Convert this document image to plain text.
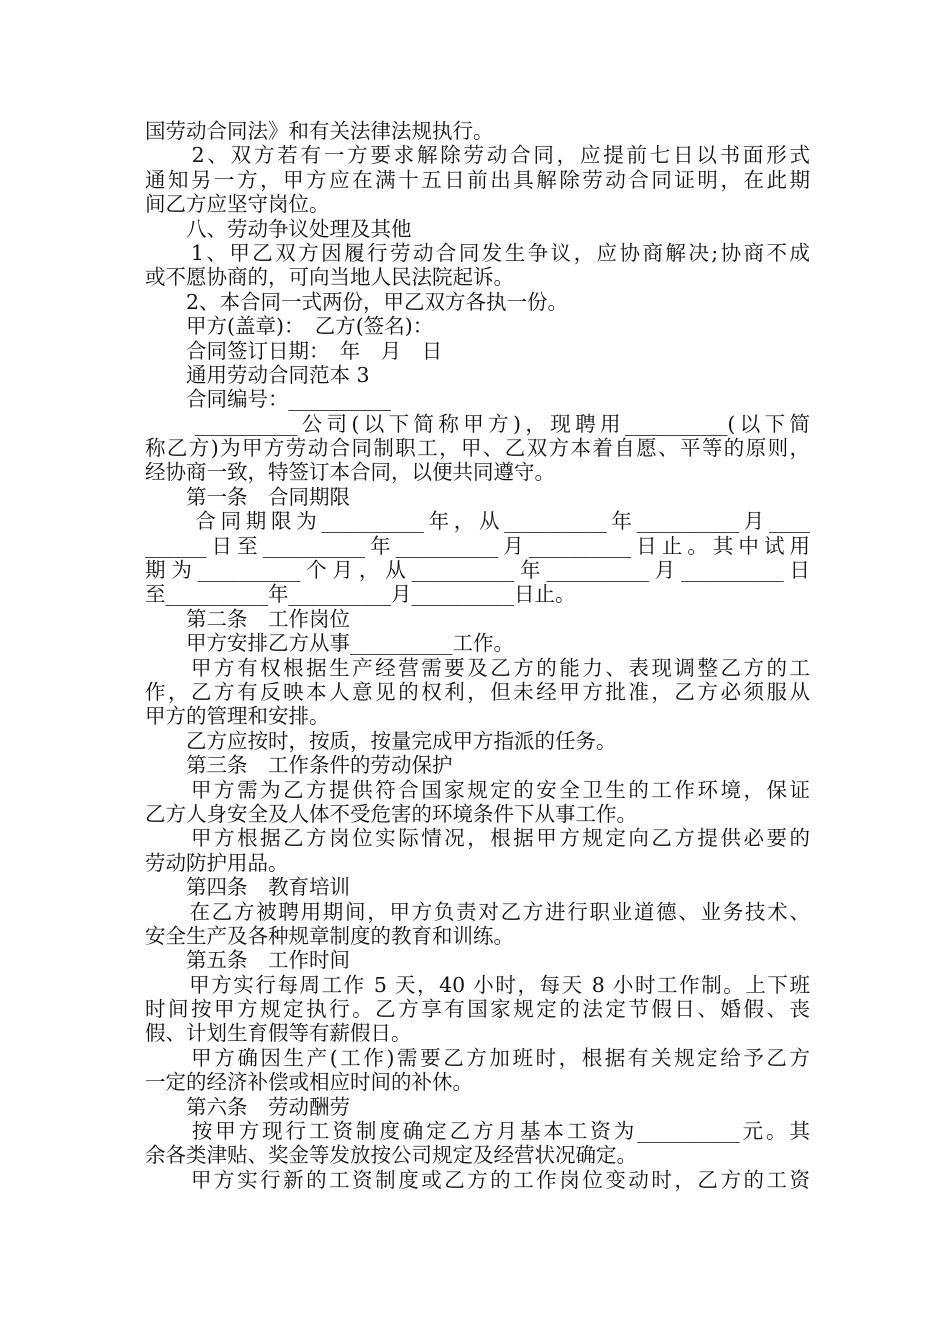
国劳动合同法》和有关法律法规执行。
　　2、双方若有一方要求解除劳动合同，应提前七日以书面形式
通知另一方，甲方应在满十五日前出具解除劳动合同证明，在此期
间乙方应坚守岗位。
　　八、劳动争议处理及其他
　　1、甲乙双方因履行劳动合同发生争议，应协商解决;协商不成
或不愿协商的，可向当地人民法院起诉。
　　2、本合同一式两份，甲乙双方各执一份。
　　甲方(盖章)：　乙方(签名)：
　　合同签订日期：　年　月　日
　　通用劳动合同范本 3
　　合同编号：__________
　　__________公司(以下简称甲方)，现聘用__________(以下简
称乙方)为甲方劳动合同制职工，甲、乙双方本着自愿、平等的原则，
经协商一致，特签订本合同，以便共同遵守。
　　第一条　合同期限
　　合同期限为__________年，从__________年__________月____
______日至__________年__________月__________日止。其中试用
期为__________个月，从__________年__________月__________日
至__________年__________月__________日止。
　　第二条　工作岗位
　　甲方安排乙方从事__________工作。
　　甲方有权根据生产经营需要及乙方的能力、表现调整乙方的工
作，乙方有反映本人意见的权利，但未经甲方批准，乙方必须服从
甲方的管理和安排。
　　乙方应按时，按质，按量完成甲方指派的任务。
　　第三条　工作条件的劳动保护
　　甲方需为乙方提供符合国家规定的安全卫生的工作环境，保证
乙方人身安全及人体不受危害的环境条件下从事工作。
　　甲方根据乙方岗位实际情况，根据甲方规定向乙方提供必要的
劳动防护用品。
　　第四条　教育培训
　　在乙方被聘用期间，甲方负责对乙方进行职业道德、业务技术、
安全生产及各种规章制度的教育和训练。
　　第五条　工作时间
　　甲方实行每周工作 5 天，40 小时，每天 8 小时工作制。上下班
时间按甲方规定执行。乙方享有国家规定的法定节假日、婚假、丧
假、计划生育假等有薪假日。
　　甲方确因生产(工作)需要乙方加班时，根据有关规定给予乙方
一定的经济补偿或相应时间的补休。
　　第六条　劳动酬劳
　　按甲方现行工资制度确定乙方月基本工资为__________元。其
余各类津贴、奖金等发放按公司规定及经营状况确定。
　　甲方实行新的工资制度或乙方的工作岗位变动时，乙方的工资
